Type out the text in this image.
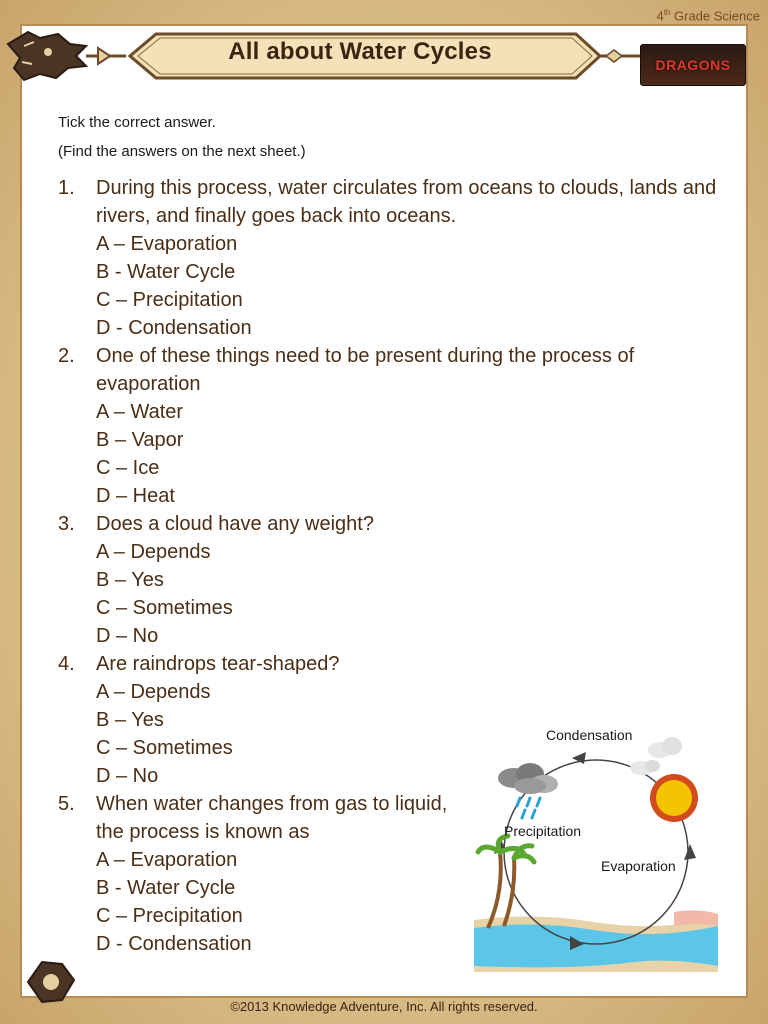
4th Grade Science
All about Water Cycles	DRAGONS
Tick the correct answer.
(Find the answers on the next sheet.)
1.	During this process, water circulates from oceans to clouds, lands and rivers, and finally goes back into oceans.
A – Evaporation
B - Water Cycle
C – Precipitation
D - Condensation
2.	One of these things need to be present during the process of evaporation
A – Water
B – Vapor
C – Ice
D – Heat
3.	Does a cloud have any weight?
A – Depends
B – Yes
C – Sometimes
D – No
4.	Are raindrops tear-shaped?
A – Depends
B – Yes
C – Sometimes
D – No
5.	When water changes from gas to liquid, the process is known as
A – Evaporation
B - Water Cycle
C – Precipitation
D - Condensation
Condensation
Precipitation
Evaporation
©2013 Knowledge Adventure, Inc. All rights reserved.
